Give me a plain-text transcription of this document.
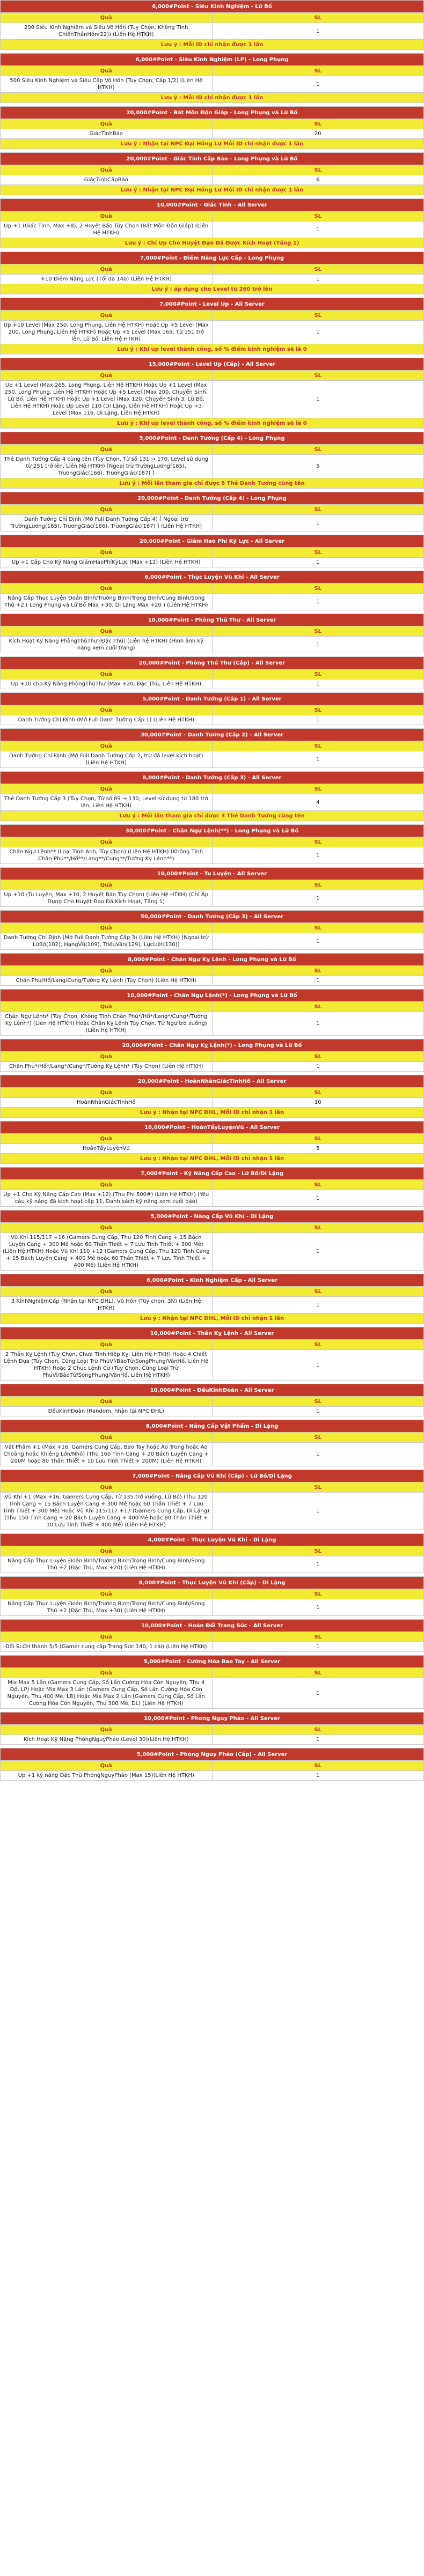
6,000#Point - Siêu Kinh Nghiệm - Lữ Bố	
Quà	SL
200 Siêu Kinh Nghiệm và Siêu Vô Hồn (Tùy Chọn, Không Tính ChiếnThầnHồn(22)) (Liên Hệ HTKH)	1
Lưu ý : Mỗi ID chỉ nhận được 1 lần	
6,000#Point - Siêu Kinh Nghiệm (LP) - Long Phụng	
Quà	SL
500 Siêu Kinh Nghiệm và Siêu Cấp Vô Hồn (Tùy Chọn, Cấp 1/2) (Liên Hệ HTKH)	1
Lưu ý : Mỗi ID chỉ nhận được 1 lần	
20,000#Point - Bát Môn Độn Giáp - Long Phụng và Lữ Bố	
Quà	SL
GiácTinhBảo	20
Lưu ý : Nhận tại NPC Đại Hồng Lư Mỗi ID chỉ nhận được 1 lần	
20,000#Point - Giác Tinh Cấp Bảo - Long Phụng và Lữ Bố	
Quà	SL
GiácTinhCấpBảo	6
Lưu ý : Nhận tại NPC Đại Hồng Lư Mỗi ID chỉ nhận được 1 lần	
10,000#Point - Giác Tinh - All Server	
Quà	SL
Up +1 (Giác Tinh, Max +8), 2 Huyết Bảo Tùy Chọn (Bát Môn Độn Giáp) (Liên Hệ HTKH)	1
Lưu ý : Chỉ Up Cho Huyệt Đạo Đã Được Kích Hoạt (Tầng 1)	
7,000#Point - Điểm Năng Lực Cấp - Long Phụng	
Quà	SL
+10 Điểm Năng Lực (Tối đa 140) (Liên Hệ HTKH)	1
Lưu ý : áp dụng cho Level từ 260 trở lên	
7,000#Point - Level Up - All Server	
Quà	SL
Up +10 Level (Max 250, Long Phụng, Liên Hệ HTKH) Hoặc Up +5 Level (Max 200, Long Phụng, Liên Hệ HTKH) Hoặc Up +5 Level (Max 165, Từ 151 trở lên, Lữ Bố, Liên Hệ HTKH)	1
Lưu ý : Khi up level thành công, số % điểm kinh nghiệm sẽ là 0	
15,000#Point - Level Up (Cấp) - All Server	
Quà	SL
Up +1 Level (Max 265, Long Phụng, Liên Hệ HTKH) Hoặc Up +1 Level (Max 250, Long Phụng, Liên Hệ HTKH) Hoặc Up +5 Level (Max 200, Chuyển Sinh, Lữ Bố, Liên Hệ HTKH) Hoặc Up +1 Level (Max 120, Chuyển Sinh 3, Lữ Bố, Liên Hệ HTKH) Hoặc Up Level 110 (Di Lặng, Liên Hệ HTKH) Hoặc Up +3 Level (Max 116, Di Lặng, Liên Hệ HTKH)	1
Lưu ý : Khi up level thành công, số % điểm kinh nghiệm sẽ là 0	
5,000#Point - Danh Tướng (Cấp 4) - Long Phụng	
Quà	SL
Thẻ Danh Tướng Cấp 4 cùng tên (Tùy Chọn, Từ số 131 → 170, Level sử dụng từ 251 trở lên, Liên Hệ HTKH) [Ngoại trừ TrườngLương(165), TrươngGiác(166), TrươngGiác(167) ]	5
Lưu ý : Mỗi lần tham gia chỉ được 5 Thẻ Danh Tướng cùng tên	
20,000#Point - Danh Tướng (Cấp 4) - Long Phụng	
Quà	SL
Danh Tướng Chỉ Định (Mở Full Danh Tướng Cấp 4) [ Ngoại trừ TrườngLương(165), TrươngGiác(166), TrươngGiác(167) ] (Liên Hệ HTKH)	1
20,000#Point - Giảm Hao Phí Kỹ Lực - All Server	
Quà	SL
Up +1 Cấp Cho Kỹ Năng GiảmHaoPhíKỹLực (Max +12) (Liên Hệ HTKH)	1
6,000#Point - Thục Luyện Vũ Khí - All Server	
Quà	SL
Nâng Cấp Thục Luyện Đoản Binh/Trường Binh/Trọng Binh/Cung Binh/Song Thủ +2 ( Long Phụng và Lữ Bố Max +30, Di Lặng Max +20 ) (Liên Hệ HTKH)	1
10,000#Point - Phòng Thủ Thư - All Server	
Quà	SL
Kích Hoạt Kỹ Năng PhòngThủThư (Đặc Thù) (Liên hệ HTKH) (Hình ảnh kỹ năng xem cuối trang)	1
20,000#Point - Phòng Thủ Thư (Cấp) - All Server	
Quà	SL
Up +10 cho Kỹ Năng PhòngThủThư (Max +20, Đặc Thù, Liên Hệ HTKH)	1
5,000#Point - Danh Tướng (Cấp 1) - All Server	
Quà	SL
Danh Tướng Chỉ Định (Mở Full Danh Tướng Cấp 1) (Liên Hệ HTKH)	1
30,000#Point - Danh Tướng (Cấp 2) - All Server	
Quà	SL
Danh Tướng Chỉ Định (Mở Full Danh Tướng Cấp 2, trừ đã level kích hoạt) (Liên Hệ HTKH)	1
8,000#Point - Danh Tướng (Cấp 3) - All Server	
Quà	SL
Thẻ Danh Tướng Cấp 3 (Tùy Chọn, Từ số 89 → 130, Level sử dụng từ 180 trở lên, Liên Hệ HTKH)	4
Lưu ý : Mỗi lần tham gia chỉ được 3 Thẻ Danh Tướng cùng tên	
30,000#Point - Chân Ngự Lệnh(**) - Long Phụng và Lữ Bố	
Quà	SL
Chân Ngự Lệnh** (Loại Tinh Anh, Tùy Chọn) (Liên Hệ HTKH) (Không Tính Chân Phú**/Hổ**/Lang**/Cung**/Tướng Kỵ Lệnh**)	1
10,000#Point - Tu Luyện - All Server	
Quà	SL
Up +10 (Tu Luyện, Max +10, 2 Huyết Bảo Tùy Chọn) (Liên Hệ HTKH) (Chỉ Áp Dụng Cho Huyệt Đạo Đã Kích Hoạt, Tầng 1)	1
50,000#Point - Danh Tướng (Cấp 3) - All Server	
Quà	SL
Danh Tướng Chỉ Định (Mở Full Danh Tướng Cấp 3) (Liên Hệ HTKH) [Ngoại trừ LữBố(102), HạngVũ(109), TriệuVân(129), LựcLiệt(130)]	1
8,000#Point - Chân Ngự Kỵ Lệnh - Long Phụng và Lữ Bố	
Quà	SL
Chân Phú/Hổ/Lang/Cung/Tướng Kỵ Lệnh (Tùy Chọn) (Liên Hệ HTKH)	1
10,000#Point - Chân Ngự Lệnh(*) - Long Phụng và Lữ Bố	
Quà	SL
Chân Ngự Lệnh* (Tùy Chọn, Không Tính Chân Phú*/Hổ*/Lang*/Cung*/Tướng Kỵ Lệnh*) (Liên Hệ HTKH) Hoặc Chân Kỵ Lệnh Tùy Chọn, Tứ Ngự trở xuống) (Liên Hệ HTKH)	1
20,000#Point - Chân Ngự Kỵ Lệnh(*) - Long Phụng và Lữ Bố	
Quà	SL
Chân Phú*/Hổ*/Lang*/Cung*/Tướng Kỵ Lệnh* (Tùy Chọn) (Liên Hệ HTKH)	1
20,000#Point - HoànNhânGiácTinhHồ - All Server	
Quà	SL
HoànNhânGiácTinhHồ	10
Lưu ý : Nhận tại NPC ĐHL, Mỗi ID chỉ nhận 1 lần	
10,000#Point - HoànTẩyLuyệnVũ - All Server	
Quà	SL
HoànTẩyLuyệnVũ	5
Lưu ý : Nhận tại NPC ĐHL, Mỗi ID chỉ nhận 1 lần	
7,000#Point - Kỹ Năng Cấp Cao - Lữ Bố/Di Lặng	
Quà	SL
Up +1 Cho Kỹ Năng Cấp Cao (Max +12) (Thu Phí 500#) (Liên Hệ HTKH) (Yêu cầu kỹ năng đã kích hoạt cấp 11, Danh sách kỹ năng xem cuối bảo)	1
5,000#Point - Nâng Cấp Vũ Khí - Di Lặng	
Quà	SL
Vũ Khí 115/117 +16 (Gamers Cung Cấp, Thu 120 Tinh Cang + 15 Bách Luyện Cang + 300 Mê hoặc 60 Thần Thiết + 7 Lưu Tinh Thiết + 300 Mê) (Liên Hệ HTKH) Hoặc Vũ Khí 110 +12 (Gamers Cung Cấp, Thu 120 Tinh Cang + 15 Bách Luyện Cang + 400 Mê hoặc 60 Thần Thiết + 7 Lưu Tinh Thiết + 400 Mê) (Liên Hệ HTKH)	1
6,000#Point - Kinh Nghiệm Cấp - All Server	
Quà	SL
3 KinhNghiệmCấp (Nhận tại NPC ĐHL), Vũ Hồn (Tùy chọn, 3N) (Liên Hệ HTKH)	1
Lưu ý : Nhận tại NPC ĐHL, Mỗi ID chỉ nhận 1 lần	
10,000#Point - Thần Kỵ Lệnh - All Server	
Quà	SL
2 Thần Kỵ Lệnh (Tùy Chọn, Chưa Tính Hiệp Kỵ, Liên Hệ HTKH) Hoặc 4 Chiết Lệnh Đựa (Tùy Chọn, Cũng Loại Trừ PhúVĩ/BảoTử/SongPhụng/VânHổ, Liên Hệ HTKH) Hoặc 2 Chúc Lệnh Cư (Tùy Chọn, Cũng Loại Trừ PhúVĩ/BảoTử/SongPhụng/VânHổ, Liên Hệ HTKH)	1
10,000#Point - ĐểuKinhĐoàn - All Server	
Quà	SL
ĐểuKinhĐoàn (Random, nhận tại NPC ĐHL)	1
8,000#Point - Nâng Cấp Vật Phẩm - Di Lặng	
Quà	SL
Vật Phẩm +1 (Max +16, Gamers Cung Cấp, Bao Tay hoặc Áo Trong hoặc Áo Choàng hoặc Khiêng Lớn/Nhỏ) (Thu 160 Tinh Cang + 20 Bách Luyện Cang + 200M hoặc 80 Thần Thiết + 10 Lưu Tinh Thiết + 200M) (Liên Hệ HTKH)	1
7,000#Point - Nâng Cấp Vũ Khí (Cấp) - Lữ Bố/Di Lặng	
Quà	SL
Vũ Khí +1 (Max +16, Gamers Cung Cấp, Từ 135 trở xuống, Lữ Bố) (Thu 120 Tinh Cang + 15 Bách Luyện Cang + 300 Mê hoặc 60 Thần Thiết + 7 Lưu Tinh Thiết + 300 Mê) Hoặc Vũ Khí 115/117 +17 (Gamers Cung Cấp, Di Lặng) (Thu 150 Tinh Cang + 20 Bách Luyện Cang + 400 Mê hoặc 80 Thần Thiết + 10 Lưu Tinh Thiết + 400 Mê) (Liên Hệ HTKH)	1
4,000#Point - Thục Luyện Vũ Khí - Di Lặng	
Quà	SL
Nâng Cấp Thục Luyện Đoản Binh/Trường Binh/Trọng Binh/Cung Binh/Song Thủ +2 (Đặc Thù, Max +20) (Liên Hệ HTKH)	1
8,000#Point - Thục Luyện Vũ Khí (Cấp) - Di Lặng	
Quà	SL
Nâng Cấp Thục Luyện Đoản Binh/Trường Binh/Trọng Binh/Cung Binh/Song Thủ +2 (Đặc Thù, Max +30) (Liên Hệ HTKH)	1
10,000#Point - Hoán Đổi Trang Sức - All Server	
Quà	SL
Đổi SLCH thành 5/5 (Gamer cung cấp Trang Sức 140, 1 cái) (Liên Hệ HTKH)	1
5,000#Point - Cường Hóa Bao Tay - All Server	
Quà	SL
Mix Max 5 Lần (Gamers Cung Cấp, Số Lần Cường Hóa Còn Nguyên, Thu 4 Đồ, LP) Hoặc Mix Max 3 Lần (Gamers Cung Cấp, Số Lần Cường Hóa Còn Nguyên, Thu 400 Mê, LB) Hoặc Mix Max 2 Lần (Gamers Cung Cấp, Số Lần Cường Hóa Còn Nguyên, Thu 300 Mê, DL) (Liên Hệ HTKH)	1
10,000#Point - Phong Nguy Pháo - All Server	
Quà	SL
Kích Hoạt Kỹ Năng PhóngNguyPháo (Level 30)(Liên Hệ HTKH)	1
5,000#Point - Phóng Nguy Pháo (Cấp) - All Server	
Quà	SL
Up +1 kỹ năng Đặc Thù PhóngNguyPháo (Max 15)(Liên Hệ HTKH)	1
